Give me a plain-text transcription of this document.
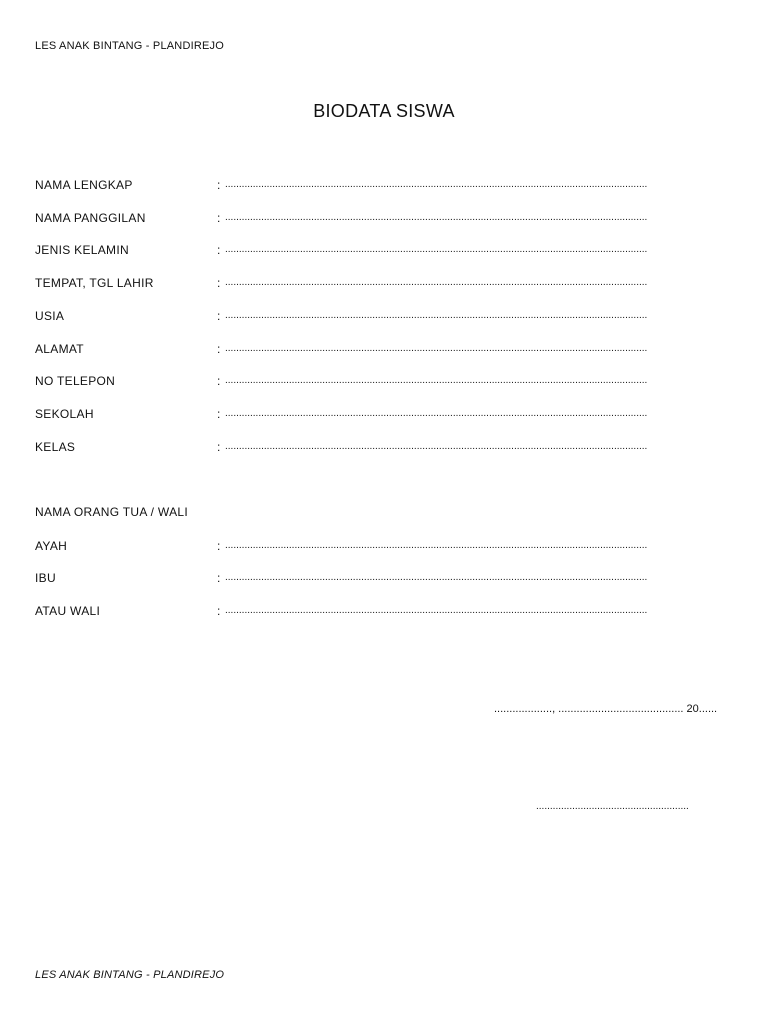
LES ANAK BINTANG - PLANDIREJO
BIODATA SISWA
NAMA LENGKAP	: ........................................................................................................................................................
NAMA PANGGILAN	: ........................................................................................................................................................
JENIS KELAMIN	: ........................................................................................................................................................
TEMPAT, TGL LAHIR	: ........................................................................................................................................................
USIA	: ........................................................................................................................................................
ALAMAT	: ........................................................................................................................................................
NO TELEPON	: ........................................................................................................................................................
SEKOLAH	: ........................................................................................................................................................
KELAS	: ........................................................................................................................................................
NAMA ORANG TUA / WALI
AYAH	: ........................................................................................................................................................
IBU	: ........................................................................................................................................................
ATAU WALI	: ........................................................................................................................................................
..................., ......................................... 20......
.......................................................
LES ANAK BINTANG - PLANDIREJO
